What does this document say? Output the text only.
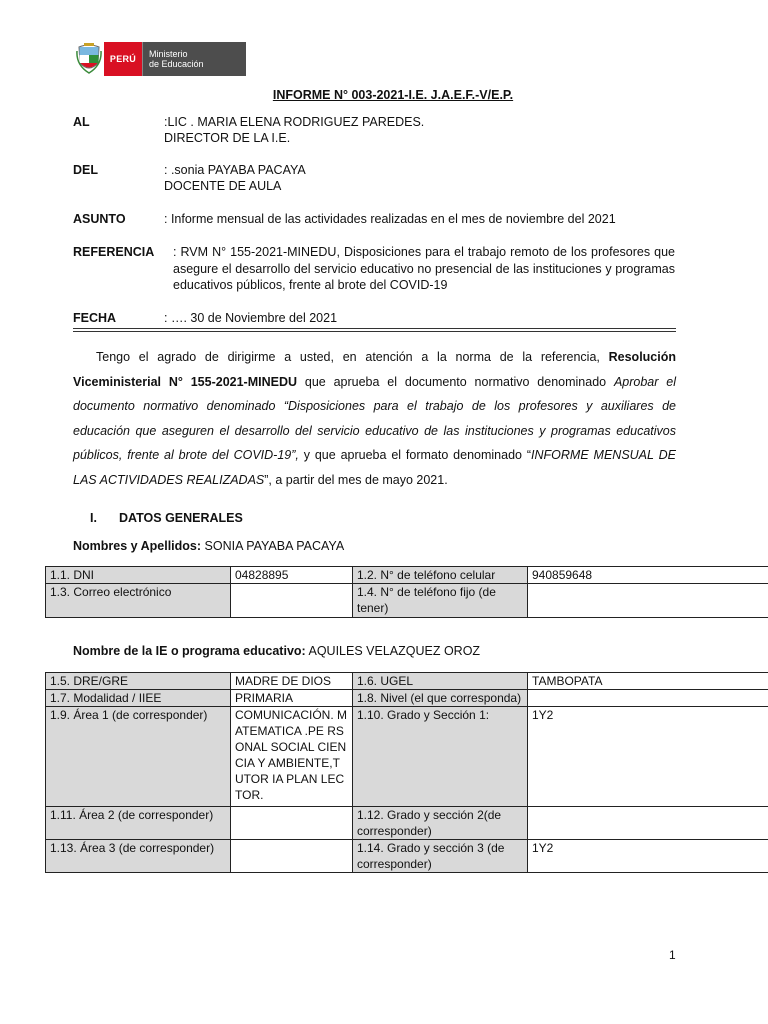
PERÚ	Ministerio
de Educación
INFORME N° 003-2021-I.E. J.A.E.F.-V/E.P.
AL	:LIC . MARIA ELENA RODRIGUEZ PAREDES.
DIRECTOR DE LA I.E.
DEL	: .sonia PAYABA PACAYA
DOCENTE DE AULA
ASUNTO	: Informe mensual de las actividades realizadas en el mes de noviembre del 2021
REFERENCIA : RVM N° 155-2021-MINEDU, Disposiciones para el trabajo remoto de los profesores que asegure el desarrollo del servicio educativo no presencial de las instituciones y programas educativos públicos, frente al brote del COVID-19
FECHA	: …. 30 de Noviembre del 2021
Tengo el agrado de dirigirme a usted, en atención a la norma de la referencia, Resolución Viceministerial N° 155-2021-MINEDU que aprueba el documento normativo denominado Aprobar el documento normativo denominado “Disposiciones para el trabajo de los profesores y auxiliares de educación que aseguren el desarrollo del servicio educativo de las instituciones y programas educativos públicos, frente al brote del COVID-19”, y que aprueba el formato denominado “INFORME MENSUAL DE LAS ACTIVIDADES REALIZADAS”, a partir del mes de mayo 2021.
I. DATOS GENERALES
Nombres y Apellidos: SONIA PAYABA PACAYA
1.1. DNI	04828895	1.2. N° de teléfono celular	940859648
1.3. Correo electrónico		1.4. N° de teléfono fijo (de tener)	
Nombre de la IE o programa educativo: AQUILES VELAZQUEZ OROZ
1.5. DRE/GRE	MADRE DE DIOS	1.6. UGEL	TAMBOPATA
1.7. Modalidad / IIEE	PRIMARIA	1.8. Nivel (el que corresponda)	
1.9. Área 1 (de corresponder)	COMUNICACIÓN. MATEMATICA .PE RSONAL SOCIAL CIENCIA Y AMBIENTE,TUTOR IA PLAN LECTOR.	1.10. Grado y Sección 1:	1Y2
1.11. Área 2 (de corresponder)		1.12. Grado y sección 2(de corresponder)	
1.13. Área 3 (de corresponder)		1.14. Grado y sección 3 (de corresponder)	1Y2
1
